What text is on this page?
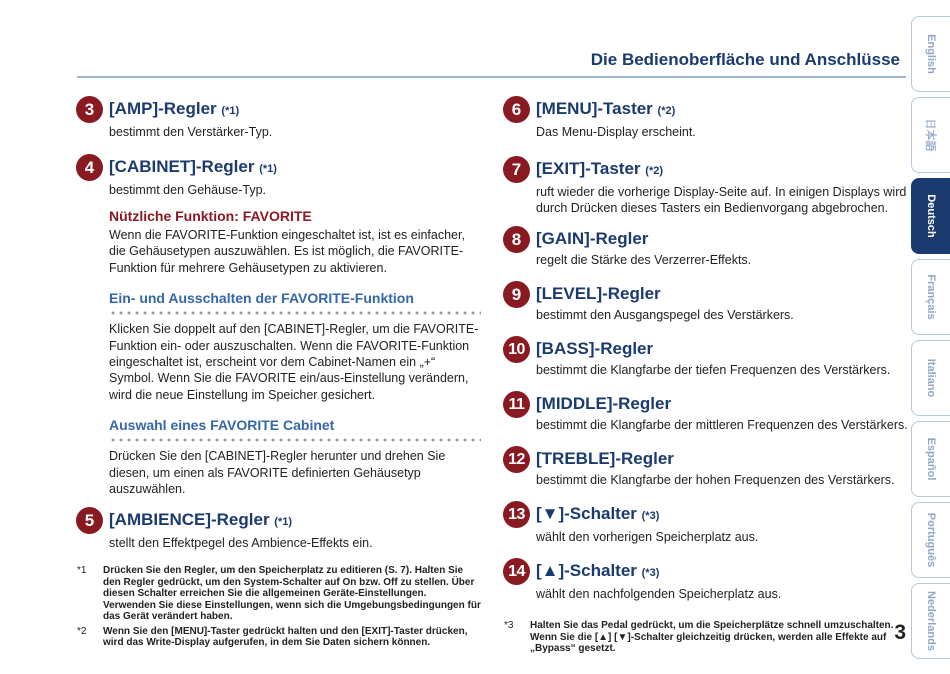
Die Bedienoberfläche und Anschlüsse
3 [AMP]-Regler (*1)
bestimmt den Verstärker-Typ.
4 [CABINET]-Regler (*1)
bestimmt den Gehäuse-Typ.
Nützliche Funktion: FAVORITE
Wenn die FAVORITE-Funktion eingeschaltet ist, ist es einfacher, die Gehäusetypen auszuwählen. Es ist möglich, die FAVORITE-Funktion für mehrere Gehäusetypen zu aktivieren.
Ein- und Ausschalten der FAVORITE-Funktion
Klicken Sie doppelt auf den [CABINET]-Regler, um die FAVORITE-Funktion ein- oder auszuschalten. Wenn die FAVORITE-Funktion eingeschaltet ist, erscheint vor dem Cabinet-Namen ein „+“ Symbol. Wenn Sie die FAVORITE ein/aus-Einstellung verändern, wird die neue Einstellung im Speicher gesichert.
Auswahl eines FAVORITE Cabinet
Drücken Sie den [CABINET]-Regler herunter und drehen Sie diesen, um einen als FAVORITE definierten Gehäusetyp auszuwählen.
5 [AMBIENCE]-Regler (*1)
stellt den Effektpegel des Ambience-Effekts ein.
*1 Drücken Sie den Regler, um den Speicherplatz zu editieren (S. 7). Halten Sie den Regler gedrückt, um den System-Schalter auf On bzw. Off zu stellen. Über diesen Schalter erreichen Sie die allgemeinen Geräte-Einstellungen. Verwenden Sie diese Einstellungen, wenn sich die Umgebungsbedingungen für das Gerät verändert haben.
*2 Wenn Sie den [MENU]-Taster gedrückt halten und den [EXIT]-Taster drücken, wird das Write-Display aufgerufen, in dem Sie Daten sichern können.
6 [MENU]-Taster (*2)
Das Menu-Display erscheint.
7 [EXIT]-Taster (*2)
ruft wieder die vorherige Display-Seite auf. In einigen Displays wird durch Drücken dieses Tasters ein Bedienvorgang abgebrochen.
8 [GAIN]-Regler
regelt die Stärke des Verzerrer-Effekts.
9 [LEVEL]-Regler
bestimmt den Ausgangspegel des Verstärkers.
10 [BASS]-Regler
bestimmt die Klangfarbe der tiefen Frequenzen des Verstärkers.
11 [MIDDLE]-Regler
bestimmt die Klangfarbe der mittleren Frequenzen des Verstärkers.
12 [TREBLE]-Regler
bestimmt die Klangfarbe der hohen Frequenzen des Verstärkers.
13 [▼]-Schalter (*3)
wählt den vorherigen Speicherplatz aus.
14 [▲]-Schalter (*3)
wählt den nachfolgenden Speicherplatz aus.
*3 Halten Sie das Pedal gedrückt, um die Speicherplätze schnell umzuschalten. Wenn Sie die [▲] [▼]-Schalter gleichzeitig drücken, werden alle Effekte auf „Bypass“ gesetzt.
English
日本語
Deutsch
Français
Italiano
Español
Português
Nederlands
3
